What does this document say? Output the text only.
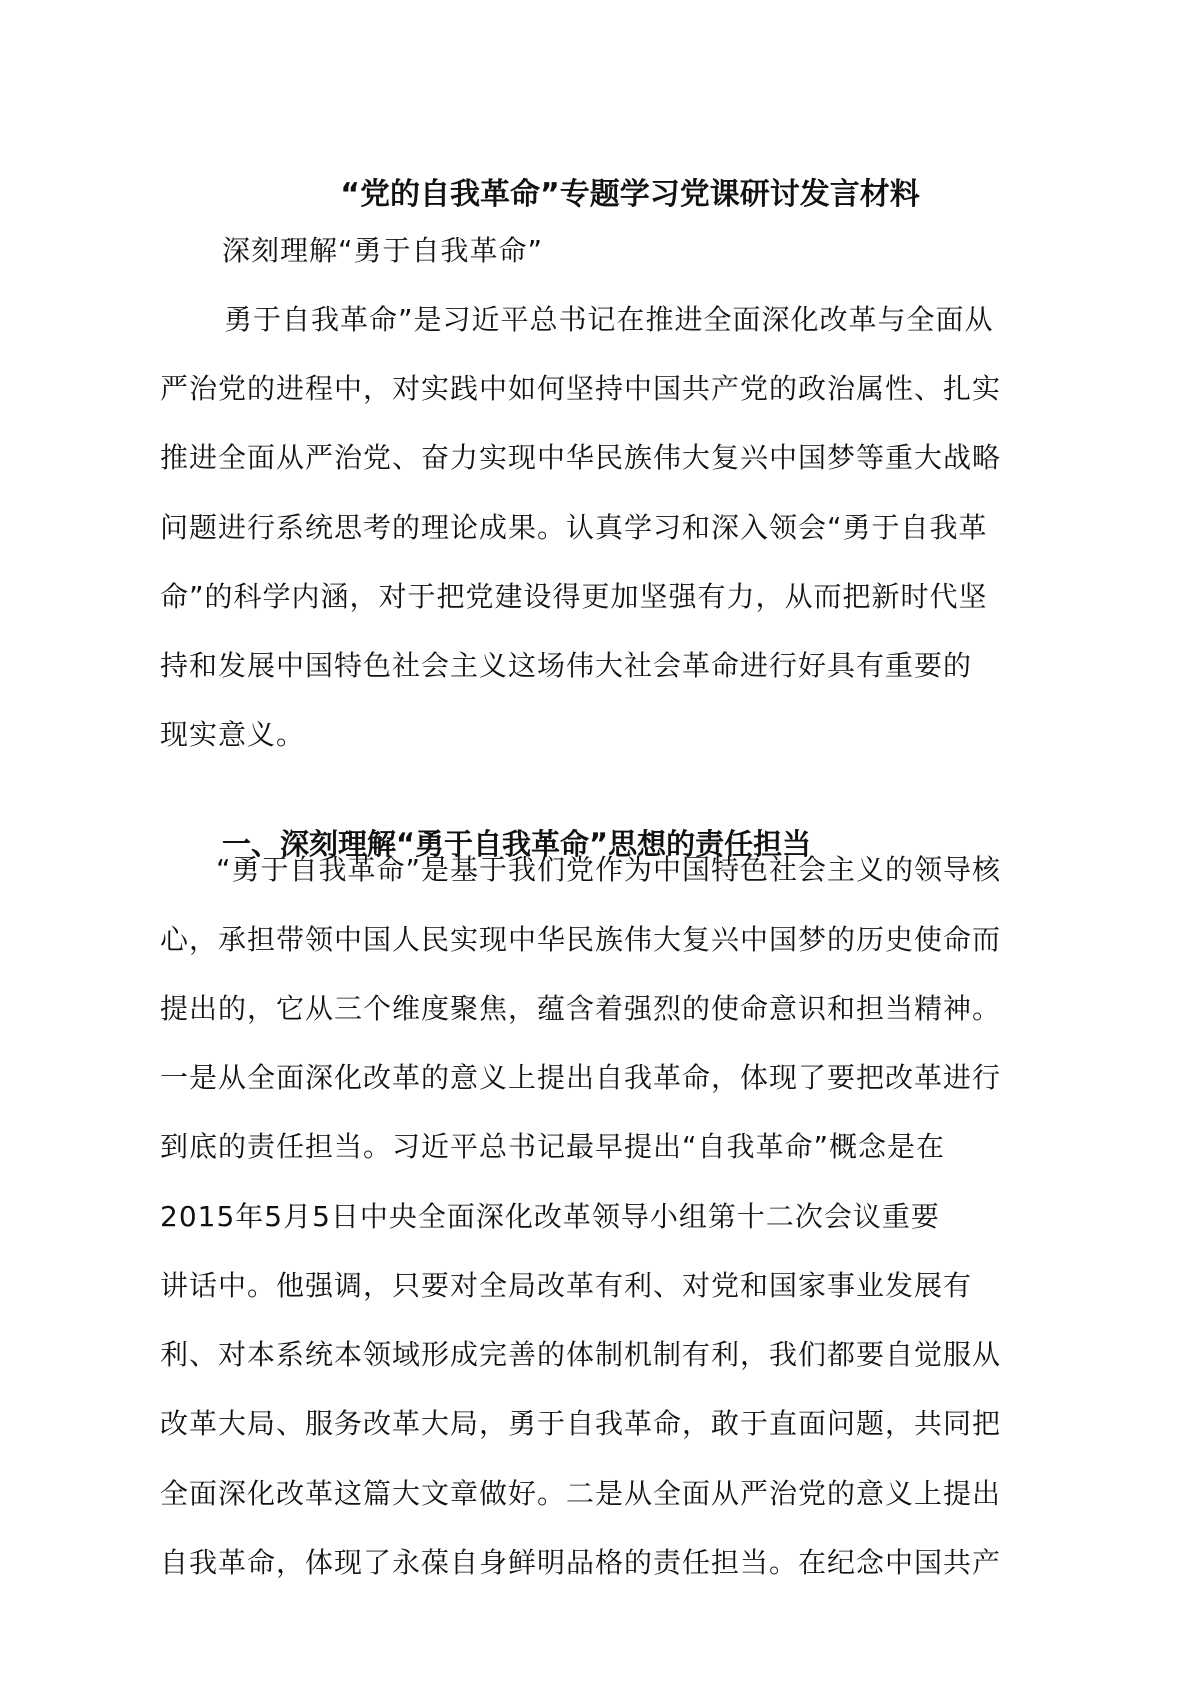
“党的自我革命”专题学习党课研讨发言材料
深刻理解“勇于自我革命”
勇于自我革命”是习近平总书记在推进全面深化改革与全面从
严治党的进程中，对实践中如何坚持中国共产党的政治属性、扎实
推进全面从严治党、奋力实现中华民族伟大复兴中国梦等重大战略
问题进行系统思考的理论成果。认真学习和深入领会“勇于自我革
命”的科学内涵，对于把党建设得更加坚强有力，从而把新时代坚
持和发展中国特色社会主义这场伟大社会革命进行好具有重要的
现实意义。
一、深刻理解“勇于自我革命”思想的责任担当
“勇于自我革命”是基于我们党作为中国特色社会主义的领导核
心，承担带领中国人民实现中华民族伟大复兴中国梦的历史使命而
提出的，它从三个维度聚焦，蕴含着强烈的使命意识和担当精神。
一是从全面深化改革的意义上提出自我革命，体现了要把改革进行
到底的责任担当。习近平总书记最早提出“自我革命”概念是在
2015年5月5日中央全面深化改革领导小组第十二次会议重要
讲话中。他强调，只要对全局改革有利、对党和国家事业发展有
利、对本系统本领域形成完善的体制机制有利，我们都要自觉服从
改革大局、服务改革大局，勇于自我革命，敢于直面问题，共同把
全面深化改革这篇大文章做好。二是从全面从严治党的意义上提出
自我革命，体现了永葆自身鲜明品格的责任担当。在纪念中国共产
